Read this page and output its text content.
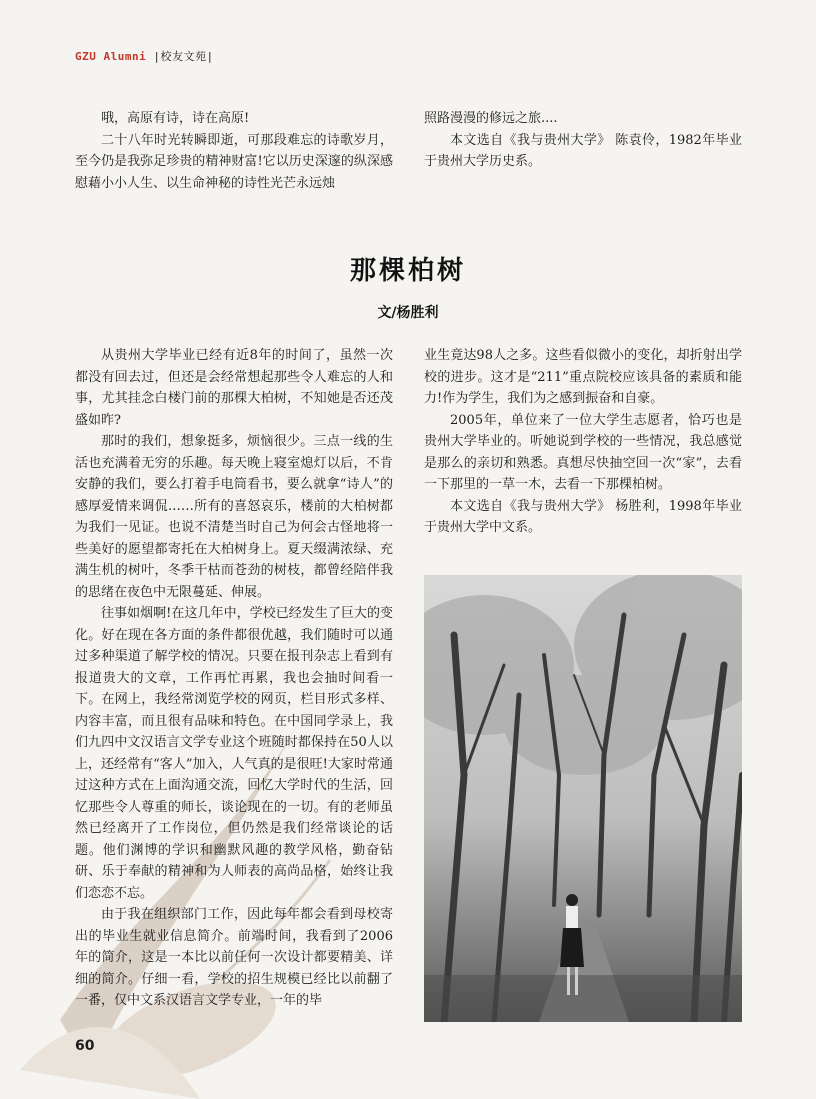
GZU Alumni |校友文苑|

哦，高原有诗，诗在高原!

二十八年时光转瞬即逝，可那段难忘的诗歌岁月，至今仍是我弥足珍贵的精神财富!它以历史深邃的纵深感慰藉小小人生、以生命神秘的诗性光芒永远烛

照路漫漫的修远之旅....

本文选自《我与贵州大学》 陈袁伶，1982年毕业于贵州大学历史系。

那棵柏树
文/杨胜利

从贵州大学毕业已经有近8年的时间了，虽然一次都没有回去过，但还是会经常想起那些令人难忘的人和事，尤其挂念白楼门前的那棵大柏树，不知她是否还茂盛如昨?

那时的我们，想象挺多，烦恼很少。三点一线的生活也充满着无穷的乐趣。每天晚上寝室熄灯以后，不肯安静的我们，要么打着手电筒看书，要么就拿“诗人”的感厚爱情来调侃……所有的喜怒哀乐，楼前的大柏树都为我们一见证。也说不清楚当时自己为何会古怪地将一些美好的愿望都寄托在大柏树身上。夏天缀满浓绿、充满生机的树叶，冬季干枯而苍劲的树枝，都曾经陪伴我的思绪在夜色中无限蔓延、伸展。

往事如烟啊!在这几年中，学校已经发生了巨大的变化。好在现在各方面的条件都很优越，我们随时可以通过多种渠道了解学校的情况。只要在报刊杂志上看到有报道贵大的文章，工作再忙再累，我也会抽时间看一下。在网上，我经常浏览学校的网页，栏目形式多样、内容丰富，而且很有品味和特色。在中国同学录上，我们九四中文汉语言文学专业这个班随时都保持在50人以上，还经常有“客人”加入，人气真的是很旺!大家时常通过这种方式在上面沟通交流，回忆大学时代的生活，回忆那些令人尊重的师长，谈论现在的一切。有的老师虽然已经离开了工作岗位，但仍然是我们经常谈论的话题。他们渊博的学识和幽默风趣的教学风格，勤奋钻研、乐于奉献的精神和为人师表的高尚品格，始终让我们恋恋不忘。

由于我在组织部门工作，因此每年都会看到母校寄出的毕业生就业信息简介。前端时间，我看到了2006年的简介，这是一本比以前任何一次设计都要精美、详细的简介。仔细一看，学校的招生规模已经比以前翻了一番，仅中文系汉语言文学专业，一年的毕

业生竟达98人之多。这些看似微小的变化，却折射出学校的进步。这才是“211”重点院校应该具备的素质和能力!作为学生，我们为之感到振奋和自豪。

2005年，单位来了一位大学生志愿者，恰巧也是贵州大学毕业的。听她说到学校的一些情况，我总感觉是那么的亲切和熟悉。真想尽快抽空回一次“家”，去看一下那里的一草一木，去看一下那棵柏树。

本文选自《我与贵州大学》 杨胜利，1998年毕业于贵州大学中文系。

60
